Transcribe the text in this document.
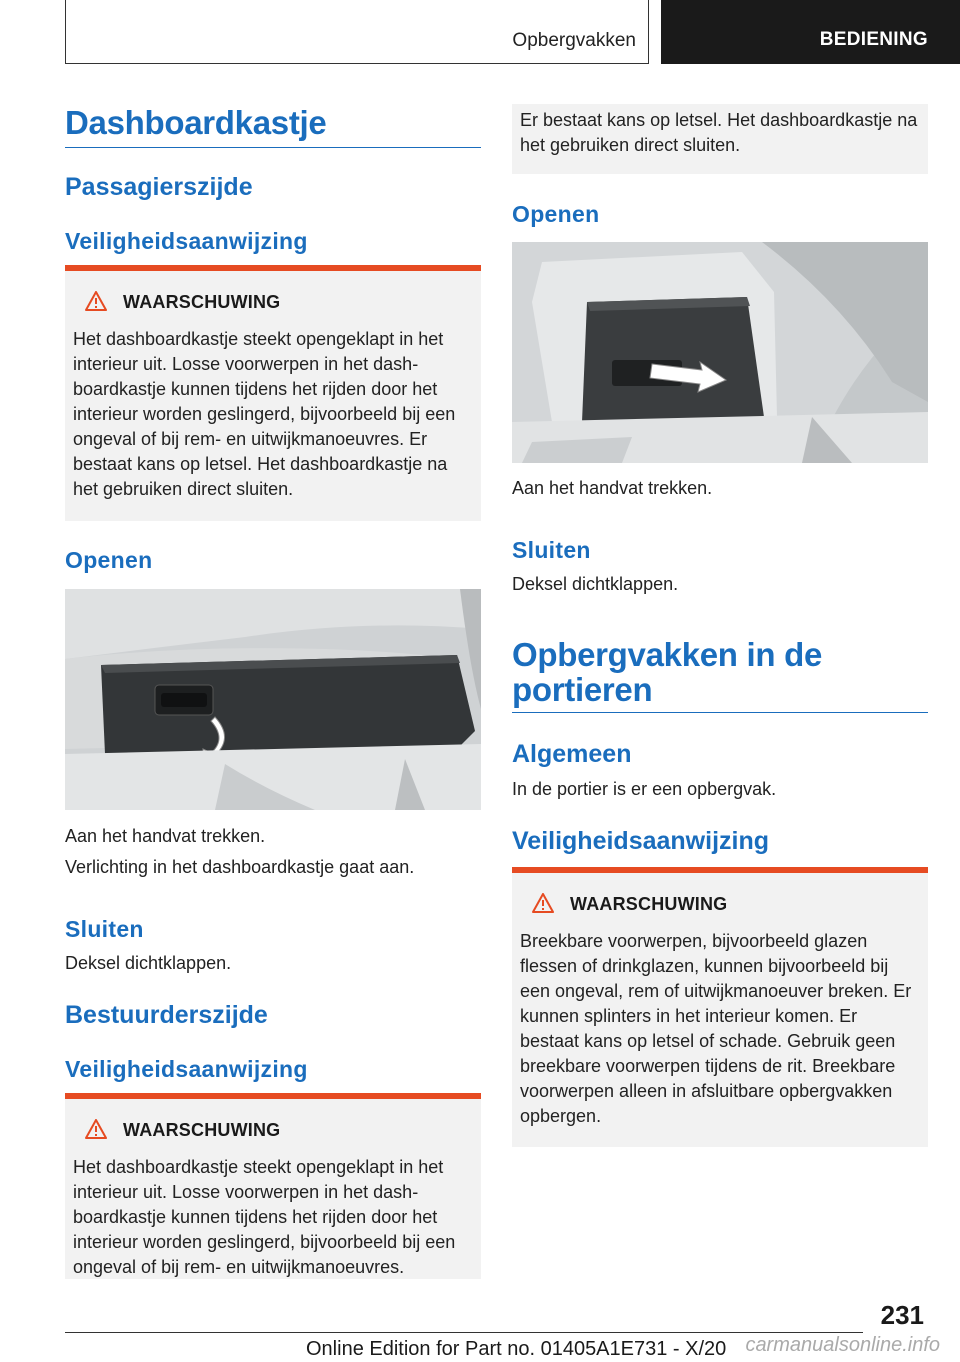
Opbergvakken	BEDIENING
Dashboardkastje
Passagierszijde
Veiligheidsaanwijzing
WAARSCHUWING
Het dashboardkastje steekt opengeklapt in het interieur uit. Losse voorwerpen in het dashboardkastje kunnen tijdens het rijden door het interieur worden geslingerd, bijvoorbeeld bij een ongeval of bij rem- en uitwijkmanoeuvres. Er bestaat kans op letsel. Het dashboardkastje na het gebruiken direct sluiten.
Openen

Aan het handvat trekken.

Verlichting in het dashboardkastje gaat aan.

Sluiten

Deksel dichtklappen.

Bestuurderszijde
Veiligheidsaanwijzing
WAARSCHUWING
Het dashboardkastje steekt opengeklapt in het interieur uit. Losse voorwerpen in het dashboardkastje kunnen tijdens het rijden door het interieur worden geslingerd, bijvoorbeeld bij een ongeval of bij rem- en uitwijkmanoeuvres.
Er bestaat kans op letsel. Het dashboardkastje na het gebruiken direct sluiten.
Openen

Aan het handvat trekken.

Sluiten

Deksel dichtklappen.

Opbergvakken in de portieren
Algemeen

In de portier is er een opbergvak.

Veiligheidsaanwijzing
WAARSCHUWING
Breekbare voorwerpen, bijvoorbeeld glazen flessen of drinkglazen, kunnen bijvoorbeeld bij een ongeval, rem of uitwijkmanoeuver breken. Er kunnen splinters in het interieur komen. Er bestaat kans op letsel of schade. Gebruik geen breekbare voorwerpen tijdens de rit. Breekbare voorwerpen alleen in afsluitbare opbergvakken opbergen.
231
Online Edition for Part no. 01405A1E731 - X/20 carmanualsonline.info
